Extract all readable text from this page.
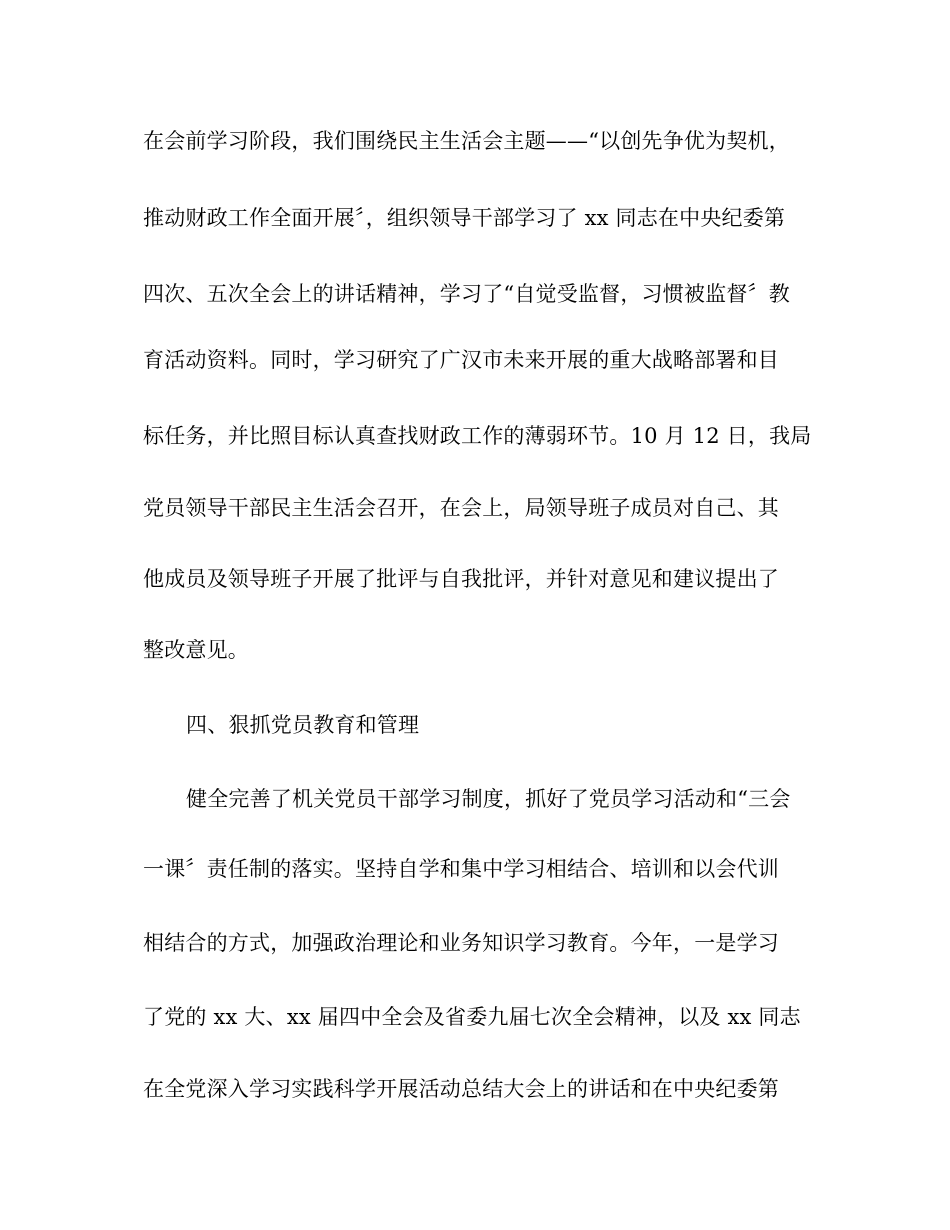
在会前学习阶段，我们围绕民主生活会主题——“以创先争优为契机，
推动财政工作全面开展〞，组织领导干部学习了 xx 同志在中央纪委第
四次、五次全会上的讲话精神，学习了“自觉受监督，习惯被监督〞教
育活动资料。同时，学习研究了广汉市未来开展的重大战略部署和目
标任务，并比照目标认真查找财政工作的薄弱环节。10 月 12 日，我局
党员领导干部民主生活会召开，在会上，局领导班子成员对自己、其
他成员及领导班子开展了批评与自我批评，并针对意见和建议提出了
整改意见。
四、狠抓党员教育和管理
健全完善了机关党员干部学习制度，抓好了党员学习活动和“三会
一课〞责任制的落实。坚持自学和集中学习相结合、培训和以会代训
相结合的方式，加强政治理论和业务知识学习教育。今年，一是学习
了党的 xx 大、xx 届四中全会及省委九届七次全会精神，以及 xx 同志
在全党深入学习实践科学开展活动总结大会上的讲话和在中央纪委第
